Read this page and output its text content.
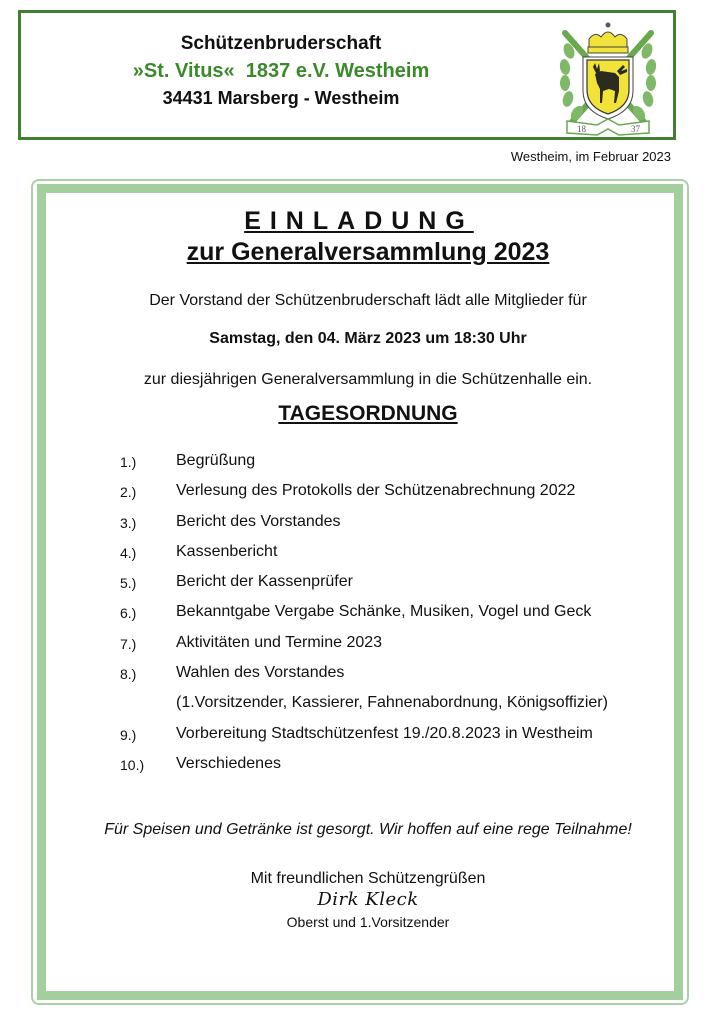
Schützenbruderschaft
»St. Vitus«  1837 e.V. Westheim
34431 Marsberg - Westheim
18	37
Westheim, im Februar 2023
EINLADUNG
zur Generalversammlung 2023
Der Vorstand der Schützenbruderschaft lädt alle Mitglieder für
Samstag, den 04. März 2023 um 18:30 Uhr
zur diesjährigen Generalversammlung in die Schützenhalle ein.
TAGESORDNUNG
1.) Begrüßung
2.) Verlesung des Protokolls der Schützenabrechnung 2022
3.) Bericht des Vorstandes
4.) Kassenbericht
5.) Bericht der Kassenprüfer
6.) Bekanntgabe Vergabe Schänke, Musiken, Vogel und Geck
7.) Aktivitäten und Termine 2023
8.) Wahlen des Vorstandes
(1.Vorsitzender, Kassierer, Fahnenabordnung, Königsoffizier)
9.) Vorbereitung Stadtschützenfest 19./20.8.2023 in Westheim
10.) Verschiedenes
Für Speisen und Getränke ist gesorgt. Wir hoffen auf eine rege Teilnahme!
Mit freundlichen Schützengrüßen
Dirk Kleck
Oberst und 1.Vorsitzender
